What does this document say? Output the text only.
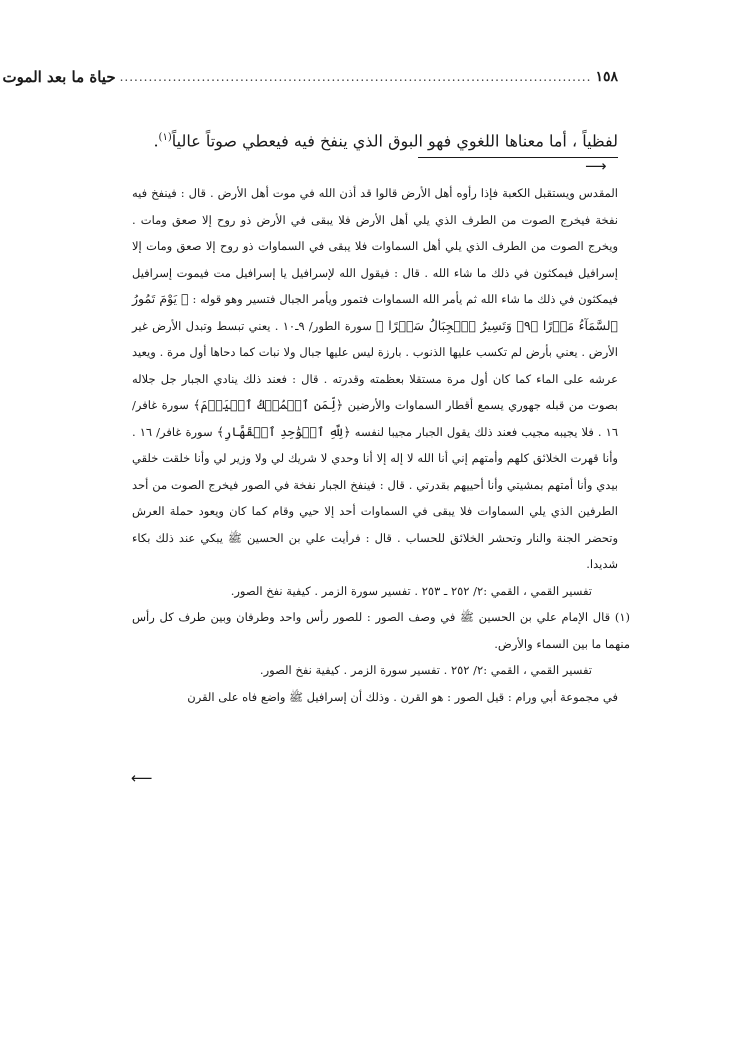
١٥٨
..................................................................................................
حياة ما بعد الموت
لفظياً ، أما معناها اللغوي فهو البوق الذي ينفخ فيه فيعطي صوتاً عالياً$^{(١)}$.
⟶

المقدس ويستقبل الكعبة فإذا رأوه أهل الأرض قالوا قد أذن الله في موت أهل الأرض . قال : فينفخ فيه نفخة فيخرج الصوت من الطرف الذي يلي أهل الأرض فلا يبقى في الأرض ذو روح إلا صعق ومات . ويخرج الصوت من الطرف الذي يلي أهل السماوات فلا يبقى في السماوات ذو روح إلا صعق ومات إلا إسرافيل فيمكثون في ذلك ما شاء الله . قال : فيقول الله لإسرافيل يا إسرافيل مت فيموت إسرافيل فيمكثون في ذلك ما شاء الله ثم يأمر الله السماوات فتمور ويأمر الجبال فتسير وهو قوله : ﴿ يَوْمَ تَمُورُ ٱلسَّمَآءُ مَوۡرًا ﴿٩﴾ وَتَسِيرُ ٱلۡجِبَالُ سَيۡرًا ﴾ سورة الطور/ ٩ـ١٠ . يعني تبسط وتبدل الأرض غير الأرض . يعني بأرض لم تكسب عليها الذنوب . بارزة ليس عليها جبال ولا نبات كما دحاها أول مرة . ويعيد عرشه على الماء كما كان أول مرة مستقلا بعظمته وقدرته . قال : فعند ذلك ينادي الجبار جل جلاله بصوت من قبله جهوري يسمع أقطار السماوات والأرضين ﴿لِّمَنِ ٱلۡمُلۡكُ ٱلۡيَوۡمَ﴾ سورة غافر/ ١٦ . فلا يجيبه مجيب فعند ذلك يقول الجبار مجيبا لنفسه ﴿لِلَّهِ ٱلۡوَٰحِدِ ٱلۡقَهَّارِ﴾ سورة غافر/ ١٦ . وأنا قهرت الخلائق كلهم وأمتهم إني أنا الله لا إله إلا أنا وحدي لا شريك لي ولا وزير لي وأنا خلقت خلقي بيدي وأنا أمتهم بمشيتي وأنا أحييهم بقدرتي . قال : فينفخ الجبار نفخة في الصور فيخرج الصوت من أحد الطرفين الذي يلي السماوات فلا يبقى في السماوات أحد إلا حيي وقام كما كان ويعود حملة العرش وتحضر الجنة والنار وتحشر الخلائق للحساب . قال : فرأيت علي بن الحسين ﷺ يبكي عند ذلك بكاء شديدا.

تفسير القمي ، القمي :٢/ ٢٥٢ ـ ٢٥٣ . تفسير سورة الزمر . كيفية نفخ الصور.

(١) قال الإمام علي بن الحسين ﷺ في وصف الصور : للصور رأس واحد وطرفان وبين طرف كل رأس منهما ما بين السماء والأرض.

تفسير القمي ، القمي :٢/ ٢٥٢ . تفسير سورة الزمر . كيفية نفخ الصور.

في مجموعة أبي ورام : قيل الصور : هو القرن . وذلك أن إسرافيل ﷺ واضع فاه على القرن

⟵
